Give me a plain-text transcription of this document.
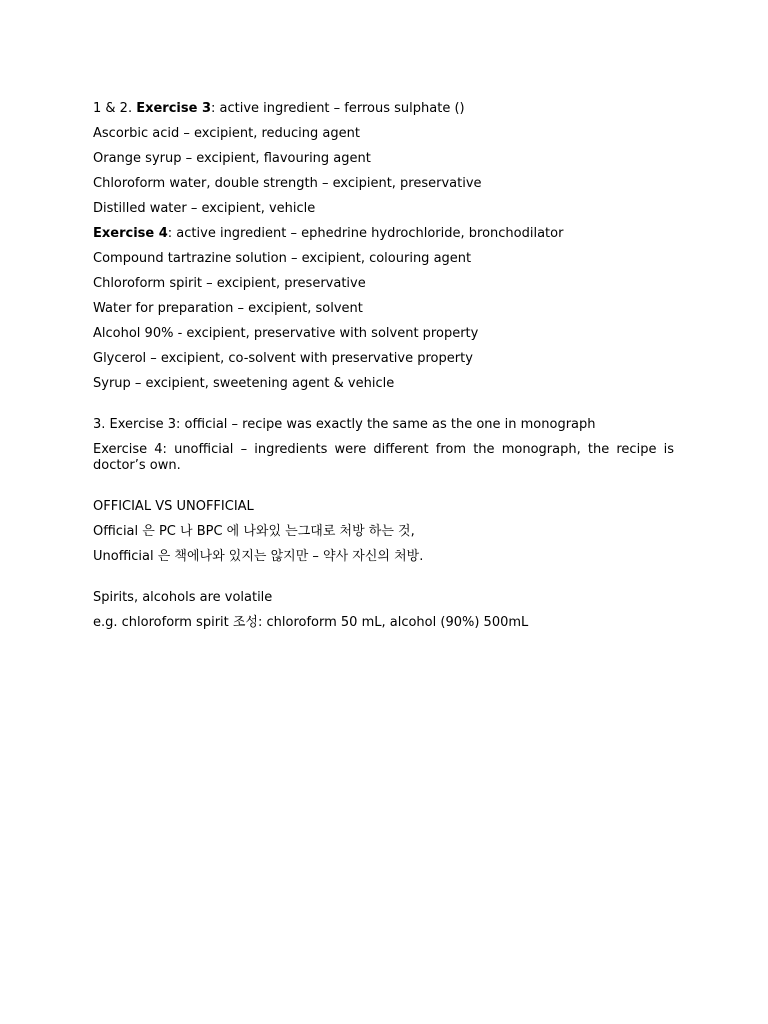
1 & 2. Exercise 3: active ingredient – ferrous sulphate ()
Ascorbic acid – excipient, reducing agent
Orange syrup – excipient, flavouring agent
Chloroform water, double strength – excipient, preservative
Distilled water – excipient, vehicle
Exercise 4: active ingredient – ephedrine hydrochloride, bronchodilator
Compound tartrazine solution – excipient, colouring agent
Chloroform spirit – excipient, preservative
Water for preparation – excipient, solvent
Alcohol 90% - excipient, preservative with solvent property
Glycerol – excipient, co-solvent with preservative property
Syrup – excipient, sweetening agent & vehicle
3. Exercise 3: official – recipe was exactly the same as the one in monograph
Exercise 4: unofficial – ingredients were different from the monograph, the recipe is doctor’s own.
OFFICIAL VS UNOFFICIAL
Official 은 PC 나 BPC 에 나와있 는그대로 처방 하는 것,
Unofficial 은 책에나와 있지는 않지만 – 약사 자신의 처방.
Spirits, alcohols are volatile
e.g. chloroform spirit 조성: chloroform 50 mL, alcohol (90%) 500mL
